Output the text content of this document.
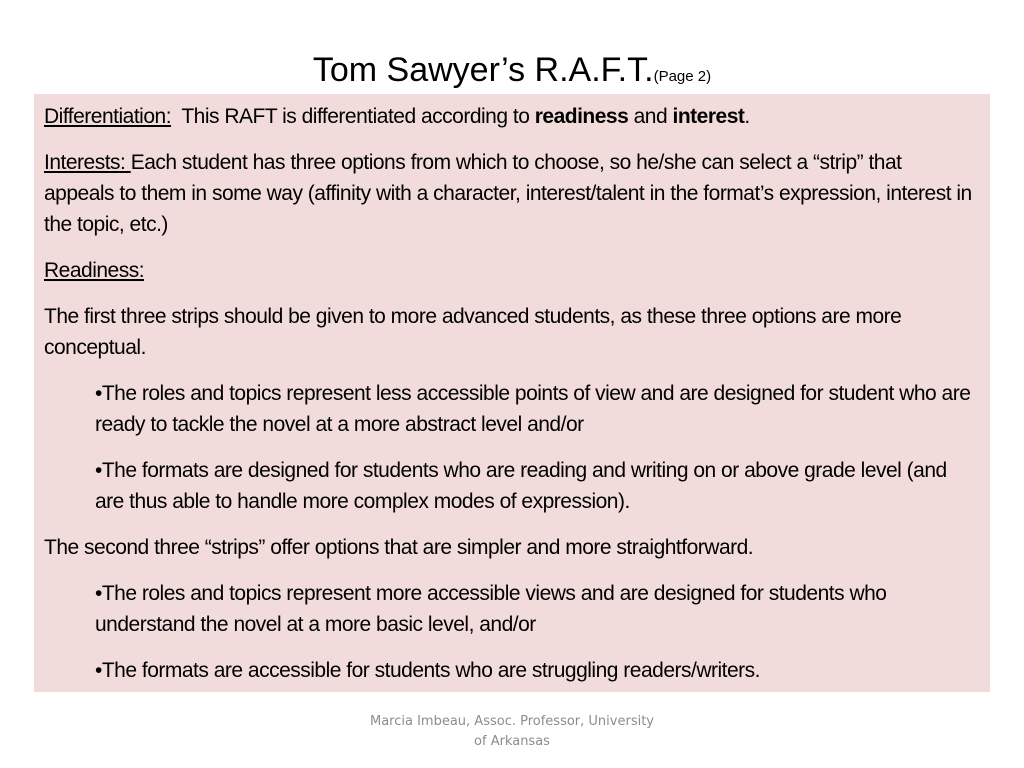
Tom Sawyer’s R.A.F.T.(Page 2)

Differentiation:  This RAFT is differentiated according to readiness and interest.

Interests: Each student has three options from which to choose, so he/she can select a “strip” that appeals to them in some way (affinity with a character, interest/talent in the format’s expression, interest in the topic, etc.)

Readiness:

The first three strips should be given to more advanced students, as these three options are more conceptual.

•The roles and topics represent less accessible points of view and are designed for student who are ready to tackle the novel at a more abstract level and/or

•The formats are designed for students who are reading and writing on or above grade level (and are thus able to handle more complex modes of expression).

The second three “strips” offer options that are simpler and more straightforward.

•The roles and topics represent more accessible views and are designed for students who understand the novel at a more basic level, and/or

•The formats are accessible for students who are struggling readers/writers.

Marcia Imbeau, Assoc. Professor, University
of Arkansas
